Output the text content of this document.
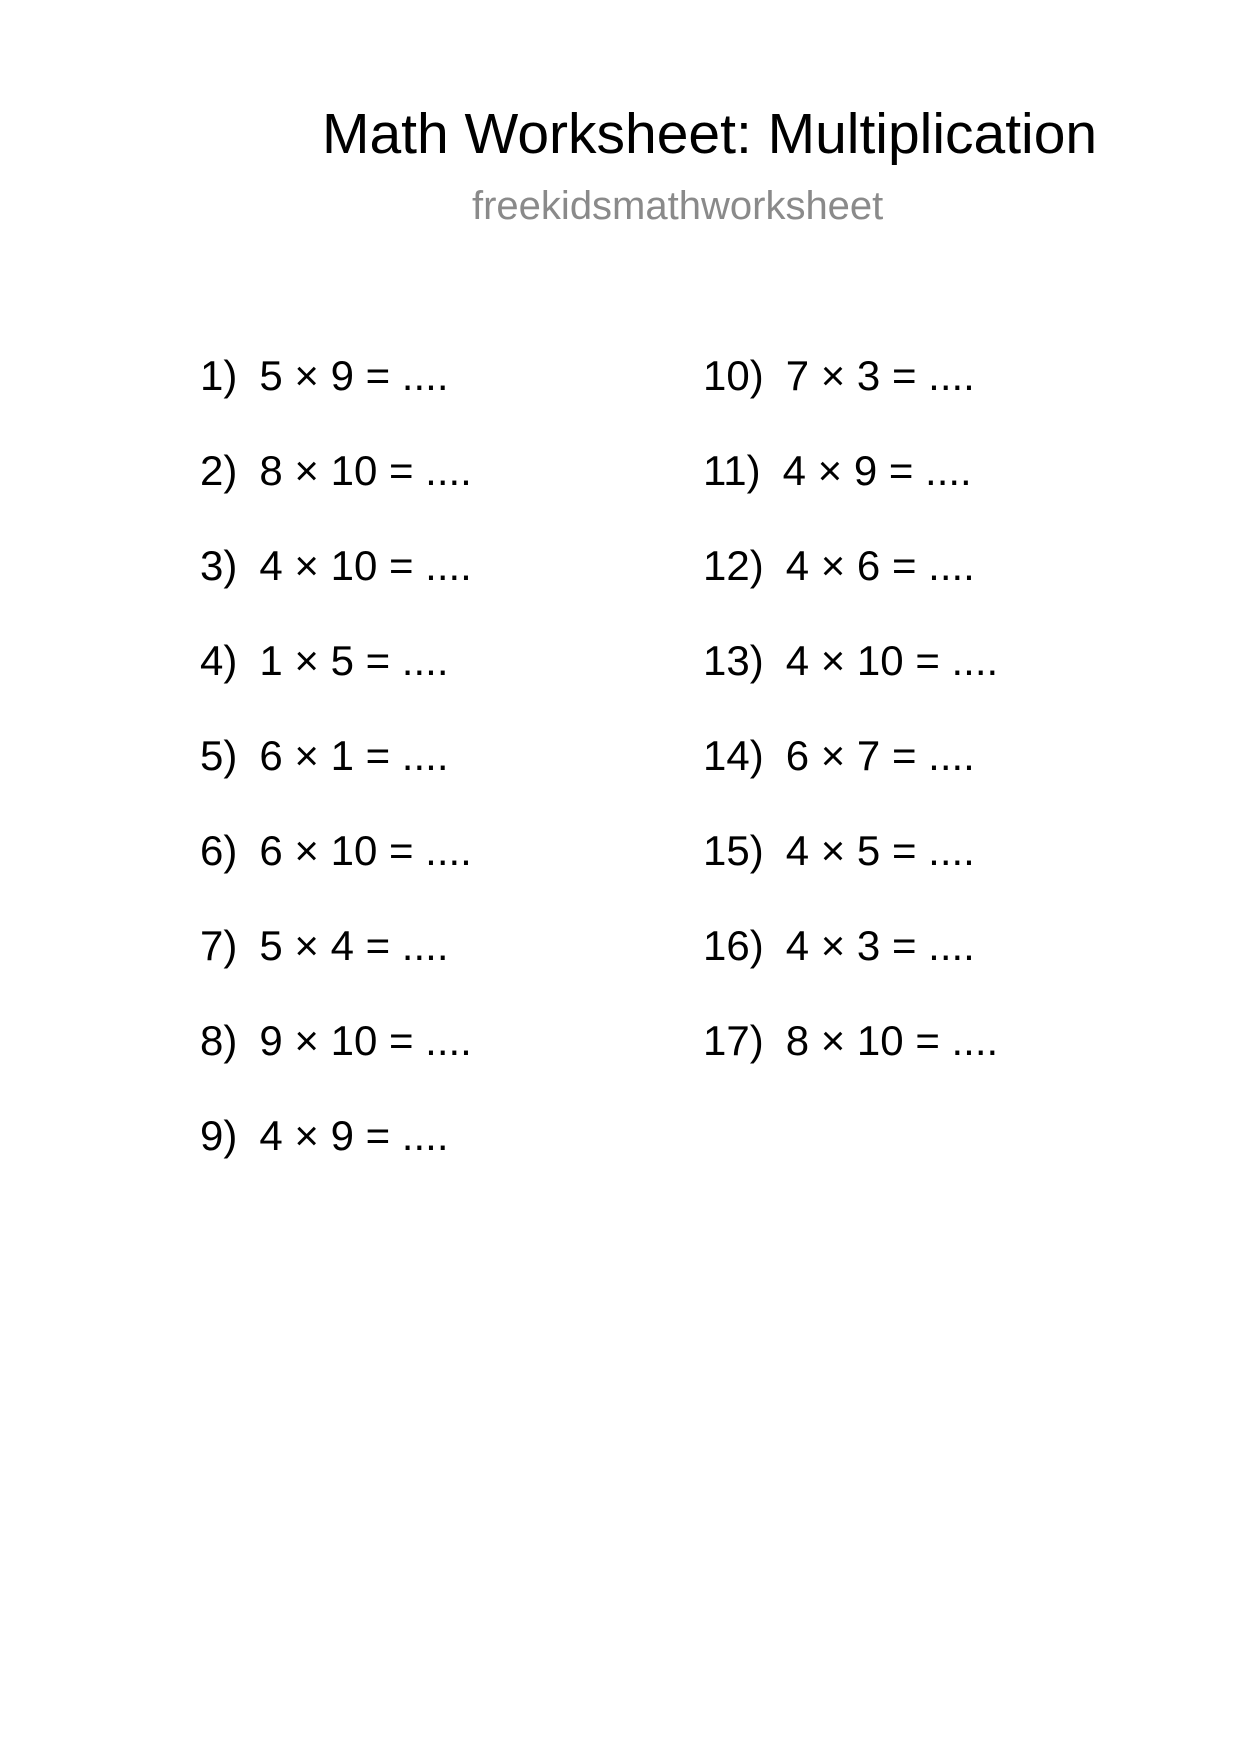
Math Worksheet: Multiplication
freekidsmathworksheet
1) 5 × 9 = ....
2) 8 × 10 = ....
3) 4 × 10 = ....
4) 1 × 5 = ....
5) 6 × 1 = ....
6) 6 × 10 = ....
7) 5 × 4 = ....
8) 9 × 10 = ....
9) 4 × 9 = ....
10) 7 × 3 = ....
11) 4 × 9 = ....
12) 4 × 6 = ....
13) 4 × 10 = ....
14) 6 × 7 = ....
15) 4 × 5 = ....
16) 4 × 3 = ....
17) 8 × 10 = ....
